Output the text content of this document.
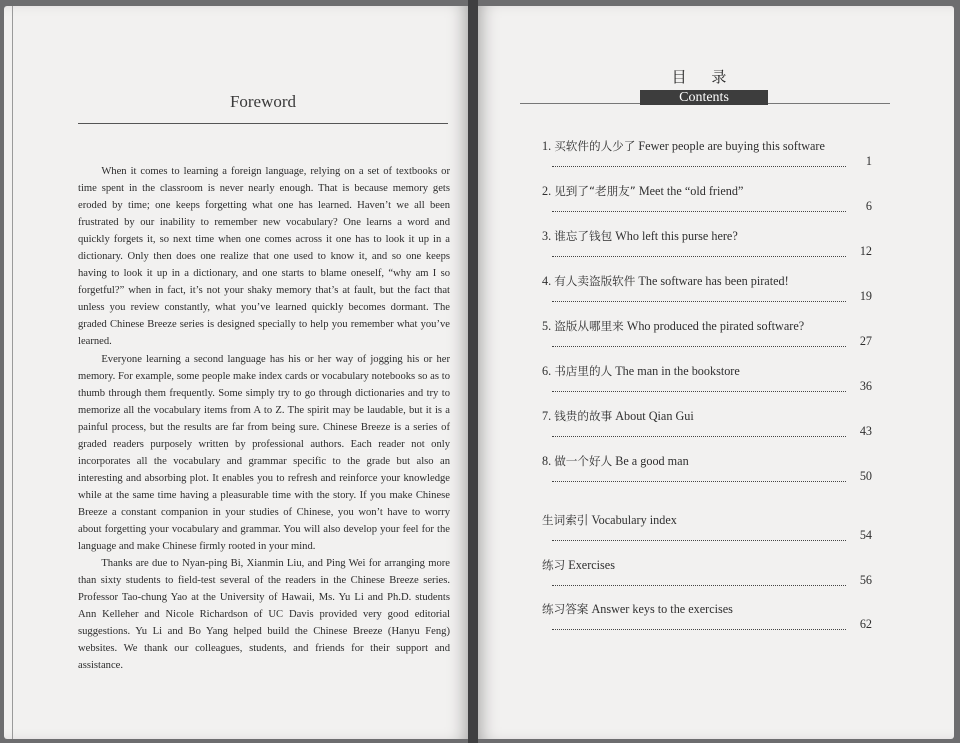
Foreword

When it comes to learning a foreign language, relying on a set of textbooks or time spent in the classroom is never nearly enough. That is because memory gets eroded by time; one keeps forgetting what one has learned. Haven’t we all been frustrated by our inability to remember new vocabulary? One learns a word and quickly forgets it, so next time when one comes across it one has to look it up in a dictionary. Only then does one realize that one used to know it, and so one keeps having to look it up in a dictionary, and one starts to blame oneself, “why am I so forgetful?” when in fact, it’s not your shaky memory that’s at fault, but the fact that unless you review constantly, what you’ve learned quickly becomes dormant. The graded Chinese Breeze series is designed specially to help you remember what you’ve learned.

Everyone learning a second language has his or her way of jogging his or her memory. For example, some people make index cards or vocabulary notebooks so as to thumb through them frequently. Some simply try to go through dictionaries and try to memorize all the vocabulary items from A to Z. The spirit may be laudable, but it is a painful process, but the results are far from being sure. Chinese Breeze is a series of graded readers purposely written by professional authors. Each reader not only incorporates all the vocabulary and grammar specific to the grade but also an interesting and absorbing plot. It enables you to refresh and reinforce your knowledge while at the same time having a pleasurable time with the story. If you make Chinese Breeze a constant companion in your studies of Chinese, you won’t have to worry about forgetting your vocabulary and grammar. You will also develop your feel for the language and make Chinese firmly rooted in your mind.

Thanks are due to Nyan-ping Bi, Xianmin Liu, and Ping Wei for arranging more than sixty students to field-test several of the readers in the Chinese Breeze series. Professor Tao-chung Yao at the University of Hawaii, Ms. Yu Li and Ph.D. students Ann Kelleher and Nicole Richardson of UC Davis provided very good editorial suggestions. Yu Li and Bo Yang helped build the Chinese Breeze (Hanyu Feng) websites. We thank our colleagues, students, and friends for their support and assistance.

目 录
Contents
1. 买软件的人少了 Fewer people are buying this software
1
2. 见到了“老朋友” Meet the “old friend”
6
3. 谁忘了钱包 Who left this purse here?
12
4. 有人卖盗版软件 The software has been pirated!
19
5. 盗版从哪里来 Who produced the pirated software?
27
6. 书店里的人 The man in the bookstore
36
7. 钱贵的故事 About Qian Gui
43
8. 做一个好人 Be a good man
50
生词索引 Vocabulary index
54
练习 Exercises
56
练习答案 Answer keys to the exercises
62
